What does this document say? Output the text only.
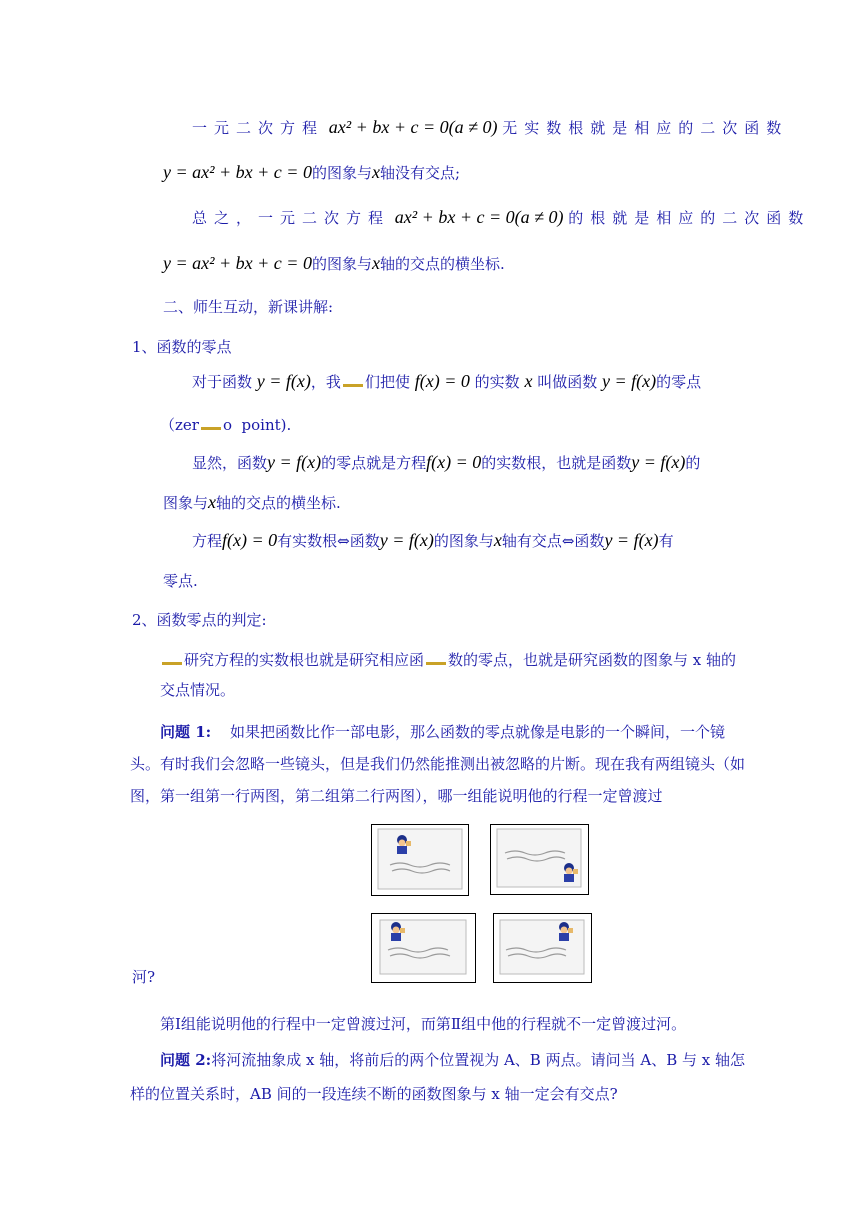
一元二次方程 ax² + bx + c = 0(a ≠ 0) 无实数根就是相应的二次函数
y = ax² + bx + c = 0的图象与x轴没有交点;
总之，一元二次方程 ax² + bx + c = 0(a ≠ 0) 的根就是相应的二次函数
y = ax² + bx + c = 0的图象与x轴的交点的横坐标.
二、师生互动，新课讲解:
1、函数的零点
对于函数 y = f(x)，我 们把使 f(x) = 0 的实数 x 叫做函数 y = f(x)的零点
（zer o  point).
显然，函数y = f(x)的零点就是方程f(x) = 0的实数根，也就是函数y = f(x)的
图象与x轴的交点的横坐标.
方程f(x) = 0有实数根⇔函数y = f(x)的图象与x轴有交点⇔函数y = f(x)有
零点.
2、函数零点的判定:
研究方程的实数根也就是研究相应函 数的零点，也就是研究函数的图象与 x 轴的
交点情况。
问题 1: 如果把函数比作一部电影，那么函数的零点就像是电影的一个瞬间，一个镜
头。有时我们会忽略一些镜头，但是我们仍然能推测出被忽略的片断。现在我有两组镜头（如
图，第一组第一行两图，第二组第二行两图），哪一组能说明他的行程一定曾渡过
河?
第Ⅰ组能说明他的行程中一定曾渡过河，而第Ⅱ组中他的行程就不一定曾渡过河。
问题 2:将河流抽象成 x 轴，将前后的两个位置视为 A、B 两点。请问当 A、B 与 x 轴怎
样的位置关系时，AB 间的一段连续不断的函数图象与 x 轴一定会有交点?
